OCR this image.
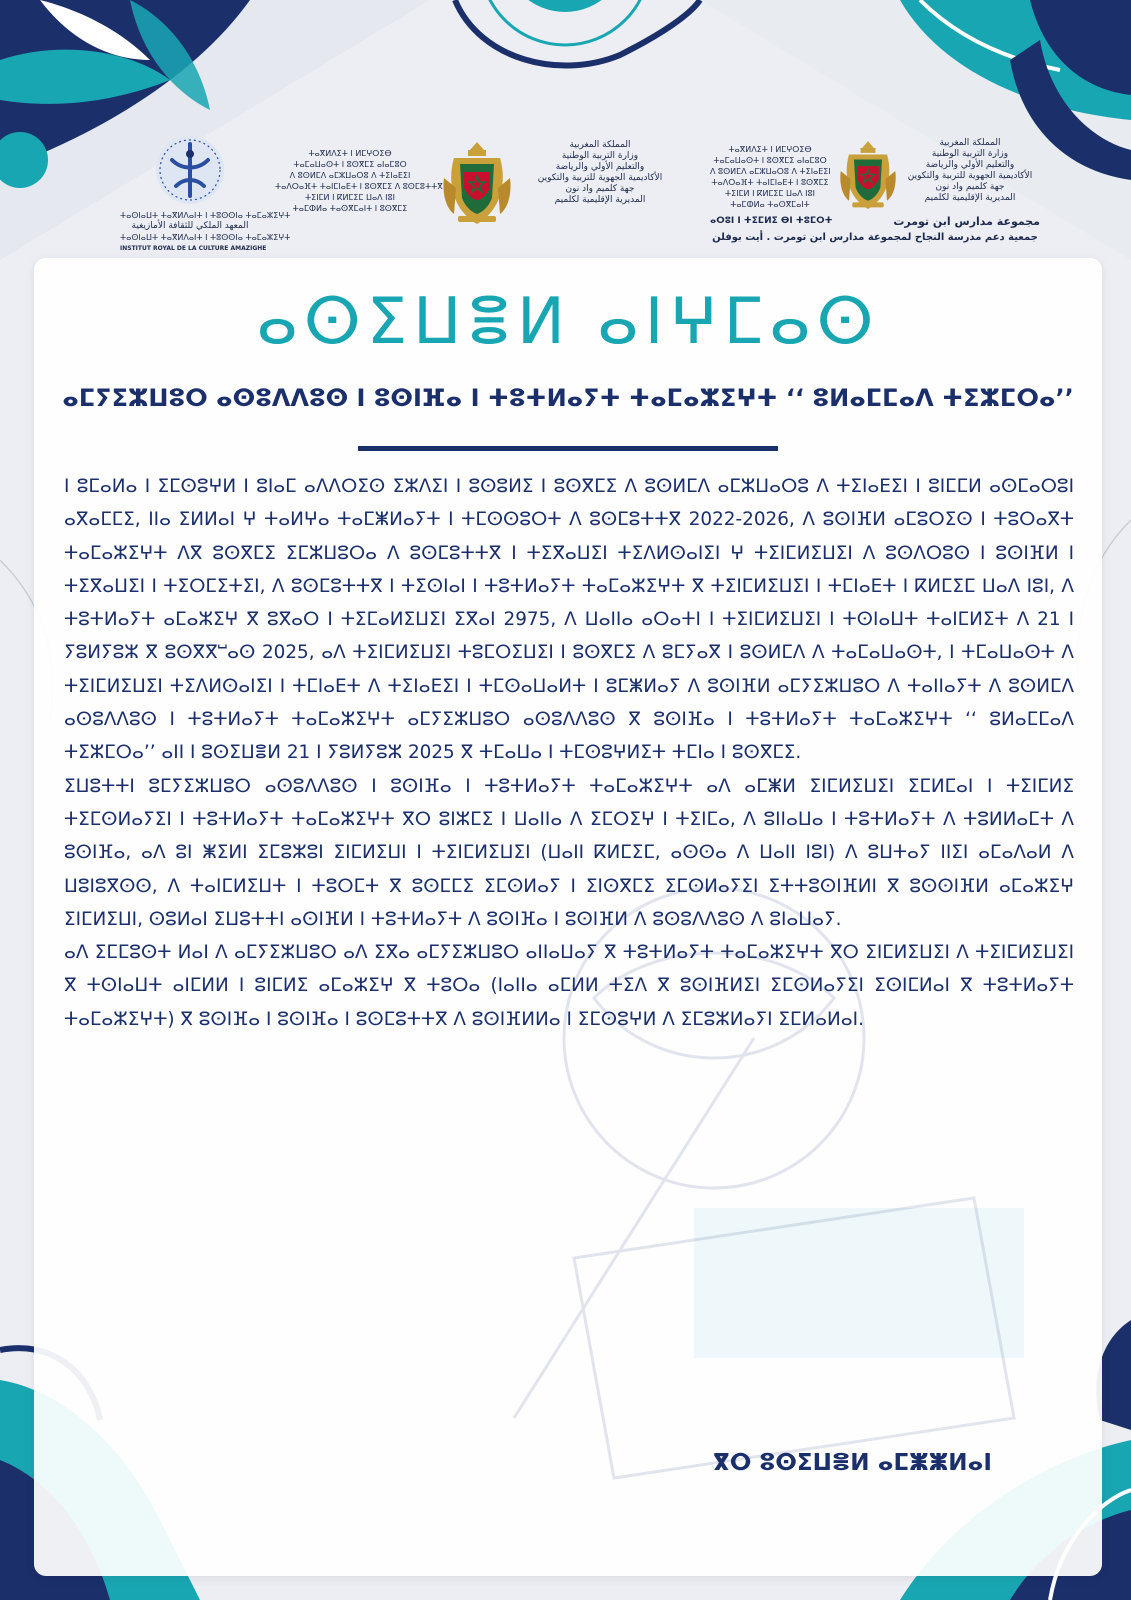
ⵜⴰⵙⵏⴰⵡⵜ ⵜⴰⴳⵍⴷⴰⵏⵜ ⵏ ⵜⵓⵙⵙⵏⴰ ⵜⴰⵎⴰⵣⵉⵖⵜ
المعهد الملكي للثقافة الأمازيغية
ⵜⴰⵙⵏⴰⵡⵜ ⵜⴰⴳⵍⴷⴰⵏⵜ ⵏ ⵜⵓⵙⵙⵏⴰ ⵜⴰⵎⴰⵣⵉⵖⵜ
INSTITUT ROYAL DE LA CULTURE AMAZIGHE
ⵜⴰⴳⵍⴷⵉⵜ ⵏ ⵍⵎⵖⵔⵉⴱ
ⵜⴰⵎⴰⵡⴰⵙⵜ ⵏ ⵓⵙⴳⵎⵉ ⴰⵏⴰⵎⵓⵔ
ⴷ ⵓⵙⵍⵎⴷ ⴰⵎⵣⵡⴰⵔⵓ ⴷ ⵜⵉⵏⴰⴹⵉⵏ
ⵜⴰⴷⵔⴰⴼⵜ ⵜⴰⵏⵎⵏⴰⴹⵜ ⵏ ⵓⵙⴳⵎⵉ ⴷ ⵓⵙⵎⵓⵜⵜⴳ
ⵜⵉⵏⵎⵍ ⵏ ⴽⵍⵎⵉⵎ ⵡⴰⴷ ⵏⵓⵏ
ⵜⴰⵎⵀⵍⴰ ⵜⴰⵙⴳⵎⴰⵏⵜ ⵏ ⵓⵙⴳⵎⵉ
المملكة المغربية
وزارة التربية الوطنية
والتعليم الأولي والرياضة
الأكاديمية الجهوية للتربية والتكوين
جهة كلميم واد نون
المديرية الإقليمية لكلميم
ⵜⴰⴳⵍⴷⵉⵜ ⵏ ⵍⵎⵖⵔⵉⴱ
ⵜⴰⵎⴰⵡⴰⵙⵜ ⵏ ⵓⵙⴳⵎⵉ ⴰⵏⴰⵎⵓⵔ
ⴷ ⵓⵙⵍⵎⴷ ⴰⵎⵣⵡⴰⵔⵓ ⴷ ⵜⵉⵏⴰⴹⵉⵏ
ⵜⴰⴷⵔⴰⴼⵜ ⵜⴰⵏⵎⵏⴰⴹⵜ ⵏ ⵓⵙⴳⵎⵉ
ⵜⵉⵏⵎⵍ ⵏ ⴽⵍⵎⵉⵎ ⵡⴰⴷ ⵏⵓⵏ
ⵜⴰⵎⵀⵍⴰ ⵜⴰⵙⴳⵎⴰⵏⵜ
المملكة المغربية
وزارة التربية الوطنية
والتعليم الأولي والرياضة
الأكاديمية الجهوية للتربية والتكوين
جهة كلميم واد نون
المديرية الإقليمية لكلميم
ⴰⵔⵓⵏ ⵏ ⵜⵉⵎⵍⵉ ⴱⵏ ⵜⵓⵎⵔⵜ	مجموعة مدارس ابن تومرت
جمعية دعم مدرسة النجاح لمجموعة مدارس ابن تومرت . أيت بوفلن
ⴰⵙⵉⵡⴻⵍ ⴰⵏⵖⵎⴰⵙ
ⴰⵎⵢⵉⵣⵡⵓⵔ ⴰⵙⵓⴷⴷⵓⵙ ⵏ ⵓⵙⵏⴼⴰ ⵏ ⵜⵓⵜⵍⴰⵢⵜ ⵜⴰⵎⴰⵣⵉⵖⵜ ‘‘ ⵓⵍⴰⵎⵎⴰⴷ ⵜⵉⵣⵎⵔⴰ’’

ⵏ ⵓⵎⴰⵍⴰ ⵏ ⵉⵎⵙⵓⵖⵍ ⵏ ⵓⵏⴰⵎ ⴰⴷⴷⵔⵉⵙ ⵉⵣⴷⵉⵏ ⵏ ⵓⵙⵓⵍⵉ ⵏ ⵓⵙⴳⵎⵉ ⴷ ⵓⵙⵍⵎⴷ ⴰⵎⵣⵡⴰⵔⵓ ⴷ ⵜⵉⵏⴰⴹⵉⵏ ⵏ ⵓⵏⵎⵎⵍ ⴰⵙⵎⴰⵔⵓⵏ ⴰⴳⴰⵎⵎⵉ, ⵏⵏⴰ ⵉⵍⵍⴰⵏ ⵖ ⵜⴰⵍⵖⴰ ⵜⴰⵎⵥⵍⴰⵢⵜ ⵏ ⵜⵎⵙⵙⵓⵔⵜ ⴷ ⵓⵙⵎⵓⵜⵜⴳ 2022-2026, ⴷ ⵓⵙⵏⴼⵍ ⴰⵎⵓⵔⵉⵙ ⵏ ⵜⵓⵔⴰⴳⵜ ⵜⴰⵎⴰⵣⵉⵖⵜ ⴷⴳ ⵓⵙⴳⵎⵉ ⵉⵎⵣⵡⵓⵔⴰ ⴷ ⵓⵙⵎⵓⵜⵜⴳ ⵏ ⵜⵉⴳⴰⵡⵉⵏ ⵜⵉⴷⵍⵙⴰⵏⵉⵏ ⵖ ⵜⵉⵏⵎⵍⵉⵡⵉⵏ ⴷ ⵓⵙⴷⵔⵓⵙ ⵏ ⵓⵙⵏⴼⵍ ⵏ ⵜⵉⴳⴰⵡⵉⵏ ⵏ ⵜⵉⵔⵎⵉⵜⵉⵏ, ⴷ ⵓⵙⵎⵓⵜⵜⴳ ⵏ ⵜⵉⵙⵏⴰⵏ ⵏ ⵜⵓⵜⵍⴰⵢⵜ ⵜⴰⵎⴰⵣⵉⵖⵜ ⴳ ⵜⵉⵏⵎⵍⵉⵡⵉⵏ ⵏ ⵜⵎⵏⴰⴹⵜ ⵏ ⴽⵍⵎⵉⵎ ⵡⴰⴷ ⵏⵓⵏ, ⴷ ⵜⵓⵜⵍⴰⵢⵜ ⴰⵎⴰⵣⵉⵖ ⴳ ⵓⴳⴰⵔ ⵏ ⵜⵉⵎⴰⵍⵉⵡⵉⵏ ⵉⴳⴰⵏ 2975, ⴷ ⵡⴰⵏⵏⴰ ⴰⵔⴰⵜⵏ ⵏ ⵜⵉⵏⵎⵍⵉⵡⵉⵏ ⵏ ⵜⵙⵏⴰⵡⵜ ⵜⴰⵏⵎⵍⵉⵜ ⴷ 21 ⵏ ⵢⵓⵍⵢⵓⵣ ⴳ ⵓⵙⴳⴳⵯⴰⵙ 2025, ⴰⴷ ⵜⵉⵏⵎⵍⵉⵡⵉⵏ ⵜⵓⵎⵔⵉⵡⵉⵏ ⵏ ⵓⵙⴳⵎⵉ ⴷ ⵓⵎⵢⴰⴳ ⵏ ⵓⵙⵍⵎⴷ ⴷ ⵜⴰⵎⴰⵡⴰⵙⵜ, ⵏ ⵜⵎⴰⵡⴰⵙⵜ ⴷ ⵜⵉⵏⵎⵍⵉⵡⵉⵏ ⵜⵉⴷⵍⵙⴰⵏⵉⵏ ⵏ ⵜⵎⵏⴰⴹⵜ ⴷ ⵜⵉⵏⴰⴹⵉⵏ ⵏ ⵜⵎⵙⴰⵡⴰⵍⵜ ⵏ ⵓⵎⵥⵍⴰⵢ ⴷ ⵓⵙⵏⴼⵍ ⴰⵎⵢⵉⵣⵡⵓⵔ ⴷ ⵜⴰⵏⵏⴰⵢⵜ ⴷ ⵓⵙⵍⵎⴷ ⴰⵙⵓⴷⴷⵓⵙ ⵏ ⵜⵓⵜⵍⴰⵢⵜ ⵜⴰⵎⴰⵣⵉⵖⵜ ⴰⵎⵢⵉⵣⵡⵓⵔ ⴰⵙⵓⴷⴷⵓⵙ ⴳ ⵓⵙⵏⴼⴰ ⵏ ⵜⵓⵜⵍⴰⵢⵜ ⵜⴰⵎⴰⵣⵉⵖⵜ ‘‘ ⵓⵍⴰⵎⵎⴰⴷ ⵜⵉⵣⵎⵔⴰ’’ ⴰⵏⵏ ⵏ ⵓⵙⵉⵡⴻⵍ 21 ⵏ ⵢⵓⵍⵢⵓⵣ 2025 ⴳ ⵜⵎⴰⵡⴰ ⵏ ⵜⵎⵙⵓⵖⵍⵉⵜ ⵜⵎⵏⴰ ⵏ ⵓⵙⴳⵎⵉ.

ⵉⵡⵓⵜⵜⵏ ⵓⵎⵢⵉⵣⵡⵓⵔ ⴰⵙⵓⴷⴷⵓⵙ ⵏ ⵓⵙⵏⴼⴰ ⵏ ⵜⵓⵜⵍⴰⵢⵜ ⵜⴰⵎⴰⵣⵉⵖⵜ ⴰⴷ ⴰⵎⵥⵍ ⵉⵏⵎⵍⵉⵡⵉⵏ ⵉⵎⵍⵎⴰⵏ ⵏ ⵜⵉⵏⵎⵍⵉ ⵜⵉⵎⵙⵍⴰⵢⵉⵏ ⵏ ⵜⵓⵜⵍⴰⵢⵜ ⵜⴰⵎⴰⵣⵉⵖⵜ ⴳⵔ ⵓⵏⵣⵎⵉ ⵏ ⵡⴰⵏⵏⴰ ⴷ ⵉⵎⵔⵉⵖ ⵏ ⵜⵉⵏⵎⴰ, ⴷ ⵓⵏⵏⴰⵡⴰ ⵏ ⵜⵓⵜⵍⴰⵢⵜ ⴷ ⵜⵓⵍⵍⴰⵎⵜ ⴷ ⵓⵙⵏⴼⴰ, ⴰⴷ ⵓⵏ ⵥⵉⵍⵏ ⵉⵎⵓⵣⵓⵏ ⵉⵏⵎⵍⵉⵡⵏ ⵏ ⵜⵉⵏⵎⵍⵉⵡⵉⵏ (ⵡⴰⵏⵏ ⴽⵍⵎⵉⵎ, ⴰⵙⵙⴰ ⴷ ⵡⴰⵏⵏ ⵏⵓⵏ) ⴷ ⵓⵡⵜⴰⵢ ⵏⵏⵉⵏ ⴰⵎⴰⴷⴰⵍ ⴷ ⵡⵓⵏⵓⴳⵙⵙ, ⴷ ⵜⴰⵏⵎⵍⵉⵡⵜ ⵏ ⵜⵓⵔⵎⵜ ⴳ ⵓⵙⵎⵎⵉ ⵉⵎⵙⵍⴰⵢ ⵏ ⵉⵏⵙⴳⵎⵉ ⵉⵎⵙⵍⴰⵢⵉⵏ ⵉⵜⵜⵓⵙⵏⴼⵍⵏ ⴳ ⵓⵙⵙⵏⴼⵍ ⴰⵎⴰⵣⵉⵖ ⵉⵏⵎⵍⵉⵡⵏ, ⵙⵓⵍⴰⵏ ⵉⵡⵓⵜⵜⵏ ⴰⵙⵏⴼⵍ ⵏ ⵜⵓⵜⵍⴰⵢⵜ ⴷ ⵓⵙⵏⴼⴰ ⵏ ⵓⵙⵏⴼⵍ ⴷ ⵓⵙⵓⴷⴷⵓⵙ ⴷ ⵓⵏⴰⵡⴰⵢ.

ⴰⴷ ⵉⵎⵎⵓⵙⵜ ⵍⴰⵏ ⴷ ⴰⵎⵢⵉⵣⵡⵓⵔ ⴰⴷ ⵉⴳⴰ ⴰⵎⵢⵉⵣⵡⵓⵔ ⴰⵏⵏⴰⵡⴰⵢ ⴳ ⵜⵓⵜⵍⴰⵢⵜ ⵜⴰⵎⴰⵣⵉⵖⵜ ⴳⵔ ⵉⵏⵎⵍⵉⵡⵉⵏ ⴷ ⵜⵉⵏⵎⵍⵉⵡⵉⵏ ⴳ ⵜⵙⵏⴰⵡⵜ ⴰⵏⵎⵍⵍ ⵏ ⵓⵏⵎⵍⵉ ⴰⵎⴰⵣⵉⵖ ⴳ ⵜⵓⵔⴰ (ⵏⴰⵏⵏⴰ ⴰⵎⵍⵍ ⵜⵉⴷ ⴳ ⵓⵙⵏⴼⵍⵉⵏ ⵉⵎⵙⵍⴰⵢⵉⵏ ⵉⵙⵏⵎⵍⴰⵏ ⴳ ⵜⵓⵜⵍⴰⵢⵜ ⵜⴰⵎⴰⵣⵉⵖⵜ) ⴳ ⵓⵙⵏⴼⴰ ⵏ ⵓⵙⵏⴼⴰ ⵏ ⵓⵙⵎⵓⵜⵜⴳ ⴷ ⵓⵙⵏⴼⵍⵍⴰ ⵏ ⵉⵎⵙⵓⵖⵍ ⴷ ⵉⵎⵓⵣⵍⴰⵢⵏ ⵉⵎⵍⴰⵍⴰⵏ.

ⴳⵔ ⵓⵙⵉⵡⴻⵍ ⴰⵎⵥⵥⵍⴰⵏ
